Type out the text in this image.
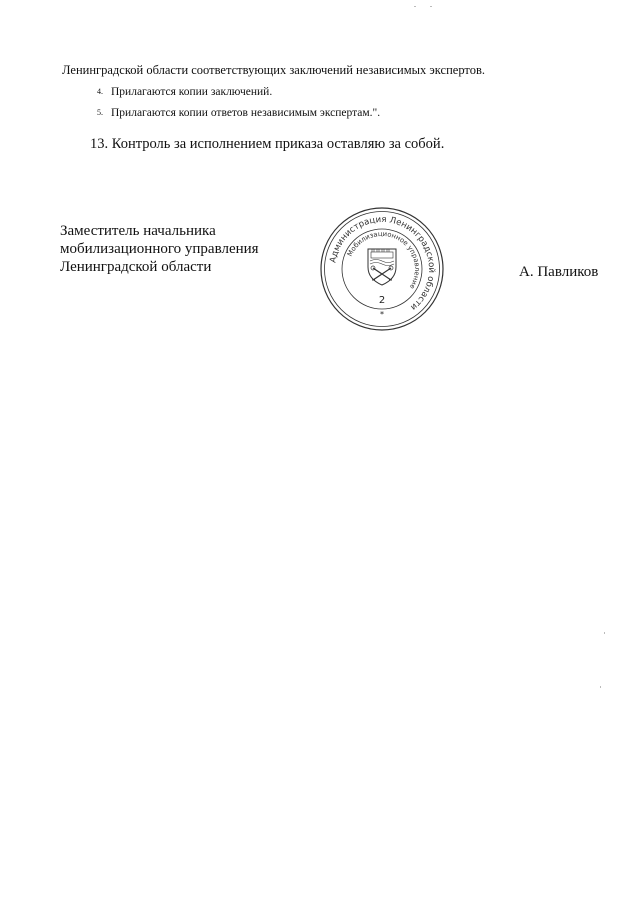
Ленинградской области соответствующих заключений независимых экспертов.
4. Прилагаются копии заключений.
5. Прилагаются копии ответов независимым экспертам.".
13. Контроль за исполнением приказа оставляю за собой.
Заместитель начальника
мобилизационного управления
Ленинградской области	Администрация Ленинградской области
Мобилизационное управление
2
*
А. Павликов
